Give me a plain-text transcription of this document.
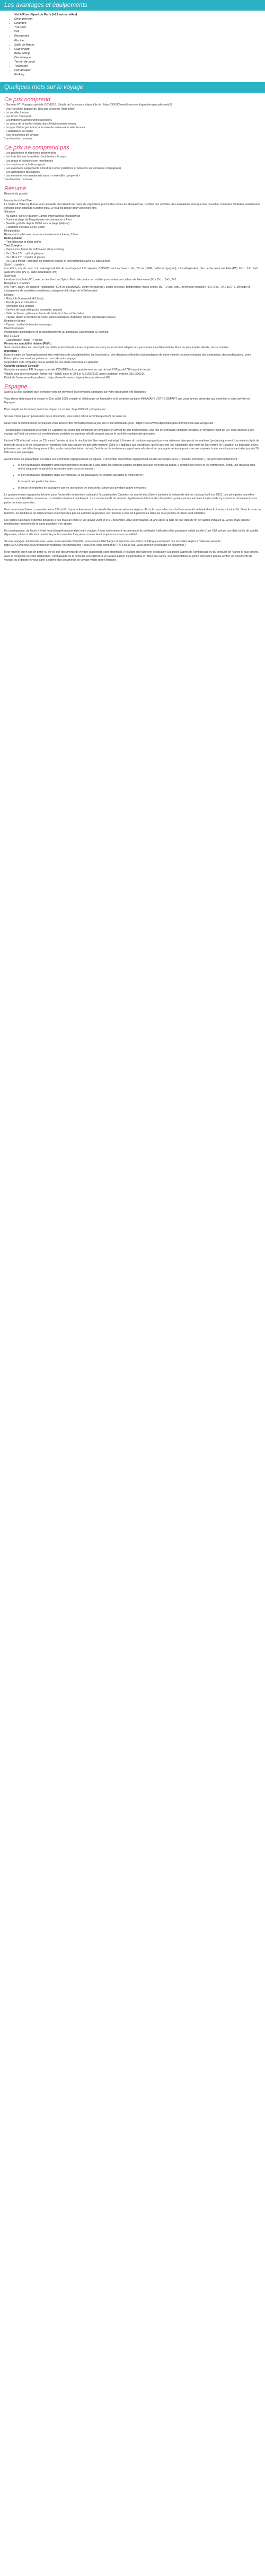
Les avantages et équipements
• Vol A/R au départ de Paris (+15 autres villes)
• Demi-pension
• Chambre
• Transfert
• Wifi
• Restaurant
• Piscine
• Salle de fitness
• Club enfant
• Baby sitting
• Discothèque
• Terrain de sport
• Télévision
• Climatisation
• Parking
Quelques mots sur le voyage
Ce prix comprend
- Garantie FTI Voyages spéciale COVID19. Détails de l'assurance disponible ici : https://XXXX/www.fti-service.fr/garantie-speciale-covid19
- Une franchise bagage de 15kg par personne (hors bébé)
- Le vol aller / retour
- Les taxes d'aéroport.
- Les transferts aéroport/hôtel/aéroport.
- Le séjour de la durée choisie, dans l'établissement retenu.
- Le type d'hébergement et la formule de restauration sélectionnés.
- L'assistance sur place.
- Des documents de voyage.
*sauf mention contraire
Ce prix ne comprend pas
- Les pourboires et dépenses personnelles
- Les frais liés aux formalités d'entrée dans le pays
- Les repas et boissons non mentionnés
- Les services et activités payants
- Les éventuels suppléments à bord de l'avion (collations et boissons sur certaines compagnies)
- Les assurances facultatives
- Les éléments non mentionnés dans « notre offre comprend »
*sauf mention contraire
Résumé
Résumé du produit
Introduction hôtel-Titre
Le Suites & Villas by Dunas vous accueille au milieu d'une oasis de végétation, proche des dunes de Maspalomas. Profitez des activités, des animations ainsi que des nouvelles chambres familiales entièrement conçues pour satisfaire la petite tribu. Le tout est pensé pour votre bien-être.
Situation
- Au calme, dans le quartier Campo Internacional Maspalomas
- Dunes et plage de Maspalomas et commerces à 4 km
- Navette gratuite depuis l'hôtel vers la plage (4x/jour)
- L'aéroport est situé à env. 35km
Restauration
Restaurant buffet avec terrasse et restaurant à thème, 2 bars.
Demi-pension
- Petit-déjeuner et dîner buffet
Tout Compris
- Repas sous forme de buffet avec show cooking
- De 10h à 17h : café et gâteaux
- De 11h à 17h : snacks et glaces
- De 10h à minuit : sélection de boissons locales et internationales avec ou sans alcool
Suite 1 chambre
env. 40m², une ch. avec coin salon (possibilité de couchage) et 1 lit. séparés, SBD/WC, sèche-cheveux, tél., TV sat., WIFI, coffre fort (payant), mini réfrigérateur, clim., et terrasse meublée (P1). Occ. : 2+1, 2+2. Suite low-cost (P1T). Suite individuelle (P8)
Suite fam
identique à la Suite (P1), avec accès direct au Splash Park, décoration et mobilier pour enfants et cadeau de bienvenue (P1). Occ. : 2+1, 2+2
Bungalow 1 chambre
env. 45m², salon, ch séparée, kitchenette, SDB ou douche/WC, coffre fort (payant), sèche-cheveux, réfrigérateur, micro-ondes, tél., TV sat., clim., et terrasse meublée (B1). Occ. : 2+1 ou 2+2. Ménage et changement de serviettes quotidiens, changement du linge de lit 2x/semaine
Enfants
- Mini-club Dunaworld (4-12ans)
- Aire de jeux et mini-disco
- Animation pour enfants
- Service de baby-sitting (sur demande, payant)
- Salle de fitness, pétanque, tennis de table, tir à l'arc et fléchettes
- Payant: billard et location de vélos, sports nautiques motorisés ou non (prestataire locaux)
Remise en forme
- Payant : institut de beauté, massages
Divertissements
Programme d'animations et de divertissements au bungalow, Discothèque à l'intérieur
Bon à savoir
- Classification locale : 4 étoiles
Personnes à mobilité réduite (PMR) :
Sauf mention dans son descriptif, les hôtels et les infrastructures proposés ne sont pas forcément adaptés aux personnes à mobilité réduite. Pour de plus amples détails, nous consulter.
Important :
Dans le cadre de l'assouplissement des restrictions de circulation liées au Coronavirus, des décisions officielles indépendantes de notre volonté peuvent entraîner des contraintes, des modifications, voire l'interruption des services prévus au cours de votre voyage.
Cependant, cela n'impacte pas la validité de vos droits et recours en garantie.
Garantie spéciale Covid19
Garantie annulation FTI Voyages spéciale COVID19 incluse gratuitement en cas de test PCR positif 72H avant le départ
Valable pour une réservation forfait (vol + hôtel) entre le 29/3 et le 31/05/2021 (pour un départ avant le 31/10/2021).
Détail de l'assurance disponible ici : https://www.fti-service.fr/garantie-speciale-covid19
Espagne
Suite à la crise sanitaire que le monde vient de traverser, les formalités sanitaires sur votre destination ont changées.
Vous devez dorénavant et depuis le 01er juillet 2020, remplir et télécharger un formulaire et le contrôle sanitaire 48H AVANT VOTRE DÉPART que vous devrez présenter aux contrôles à votre arrivée en Espagne.
Pour remplir ce document, merci de cliquer sur ce lien : http://XXXXX.spthspain.es/
Si vous n'êtes pas en possession de ce document, vous serez refusé à l'embarquement de votre vol.
Nous vous recommandons de toujours vous assurer des formalités mises à jour sur le site diplomatie.gouv : https://XXXX/www.diplomatie.gouv.fr/fr/conseils-aux-voyageurs/
Tout passager souhaitant se rendre en Espagne par avion doit compléter un formulaire en amont de son déplacement. Une fois ce formulaire complété et signé, le voyageur reçoit un QR code associé à son voyage qu'il doit conserver sur son téléphone portable ou imprimer afin de pouvoir passer le contrôle sanitaire aéroportuaire.
Un test PCR effectué moins de 72h avant l'arrivée et dont le résultat doit être négatif, est exigé à l'entrée du territoire espagnol par voie aérienne (aéroports) ou maritime (ports) uniquement. Les enfants âgés de moins de six ans et les voyageurs en transit ne sont pas concernés par cette mesure. Celle-ci s'applique aux voyageurs, quelle que soit leur nationalité et le motif de leur entrée en Espagne. Le passager devra présenter son test à l'embarquement. En cas de non-présentation du test, l'entrée sur le territoire espagnol sera refusée et la compagnie aérienne pourra se voir exposée à une sanction pouvant aller jusqu'à 30 000 euros par passager.
Aucune mise en quarantaine à l'entrée sur le territoire espagnol n'est en vigueur. L'ensemble du territoire espagnol est soumis aux règles de la « nouvelle normalité », qui prévoient notamment :
• le port du masque obligatoire pour toute personne de plus de 6 ans, dans les espaces publics ou dans les lieux recevant du public, y compris les hôtels et les commerces, lorsqu'une distance d'un mètre cinquante ne peut être respectée entre deux personnes ;
• le port du masque obligatoire dans les véhicules, si les passagers ne résident pas dans le même foyer ;
• le respect des gestes barrières ;
• la tenue de registres de passagers par les opérateurs de transports, conservés pendant quatre semaines.
Le gouvernement espagnol a décrété, pour l'ensemble du territoire national à l'exception des Canaries, un nouvel état d'alerte sanitaire (« estado de alarma ») jusqu'au 9 mai 2021. Les principales nouvelles mesures sont détaillées ci-dessous. La situation évoluant rapidement, il est recommandé de se tenir régulièrement informé des dispositions prises par les autorités locales et de s'y conformer strictement, sous peine de fortes amendes.
Il est notamment fixé un couvre-feu entre 23h et 6h. Il pourra être avancé ou retardé d'une heure selon les régions. Ainsi, le couvre-feu dans la Communauté de Madrid est fixé entre minuit et 6h. Dans le reste du territoire, les limitations de déplacement sont imposées par les autorités régionales, les réunions à plus de 6 personnes dans les lieux publics et privés sont interdites.
Les cartes nationales d'identité délivrées à des majeurs entre le 1er janvier 2004 et le 31 décembre 2013 sont valables 15 ans après la date de leur date de fin de validité indiquée au verso, mais aucune modification matérielle de la carte plastifiée n'en atteste.
En conséquence, de façon à éviter tout désagrément pendant votre voyage, il vous est fortement recommandé de privilégier l'utilisation d'un passeport valide à celle d'une CNI portant une date de fin de validité dépassée, même si elle est considérée par les autorités françaises comme étant toujours en cours de validité.
Si vous voyagez uniquement avec votre carte nationale d'identité, vous pouvez télécharger et imprimer une notice multilingue expliquant ces nouvelles règles à l'adresse suivante : http://XXXX.interieur.gouv.fr/Interieur/ (rubrique Vos démarches : Vous êtes vous conformés ? Si c'est le cas, vous pourrez télécharger ce document.)
Il est rappelé qu'en cas de perte ou de vol des documents de voyage (passeport, carte d'identité), le titulaire doit faire une déclaration à la police auprès de l'ambassade ou du consulat de France le plus proche. Avec le récépissé de cette déclaration, l'ambassade ou le consulat vous délivrera un laissez-passer qui permettra le retour en France. Sur présentation, le poste consulaire pourra vérifier les documents de voyage ou d'identité et vous aider à obtenir des documents de voyage valide pour l'étranger.
